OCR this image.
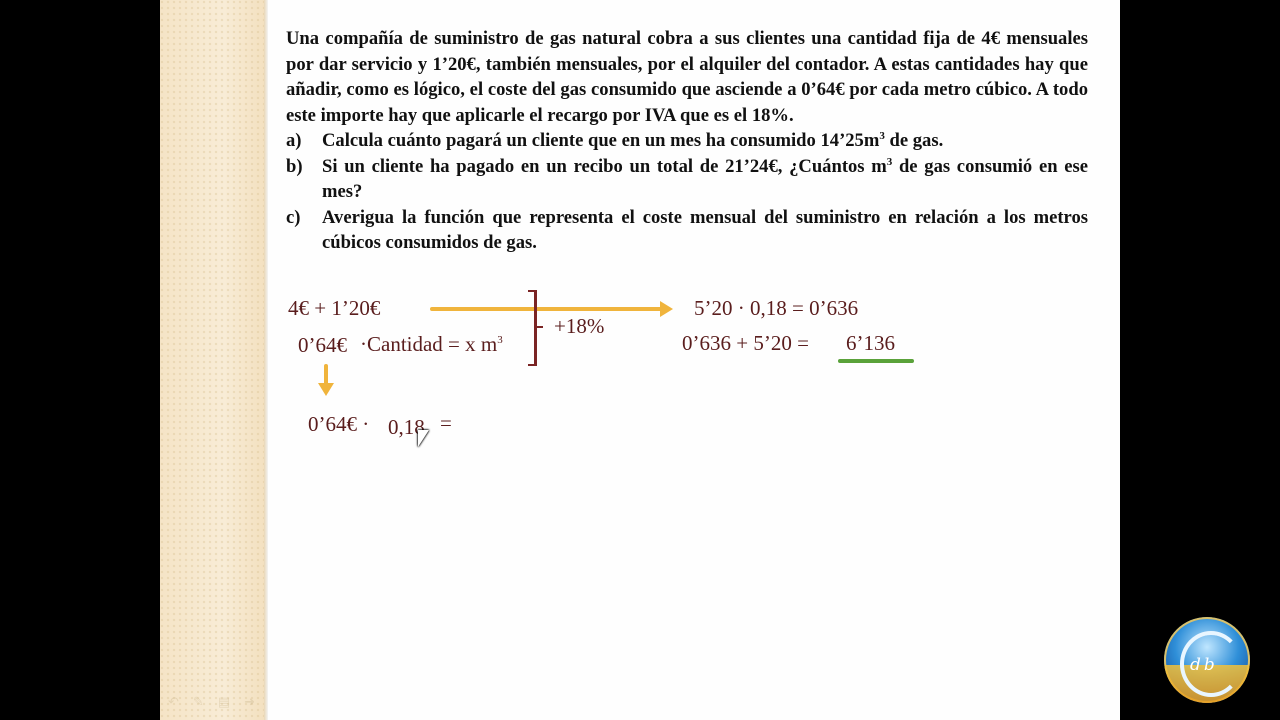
↶ ✎ ▤ ➜

Una compañía de suministro de gas natural cobra a sus clientes una cantidad fija de 4€ mensuales por dar servicio y 1’20€, también mensuales, por el alquiler del contador. A estas cantidades hay que añadir, como es lógico, el coste del gas consumido que asciende a 0’64€ por cada metro cúbico. A todo este importe hay que aplicarle el recargo por IVA que es el 18%.

a)	Calcula cuánto pagará un cliente que en un mes ha consumido $14’25m^3$ de gas.
b)	Si un cliente ha pagado en un recibo un total de 21’24€, ¿Cuántos $m^3$ de gas consumió en ese mes?
c)	Averigua la función que representa el coste mensual del suministro en relación a los metros cúbicos consumidos de gas.
4€ + 1’20€
0’64€ ·Cantidad = x $m^3$
+18%
5’20 · 0,18 = 0’636
0’636 + 5’20 = 6’136
0’64€ · 0,18 =
db
